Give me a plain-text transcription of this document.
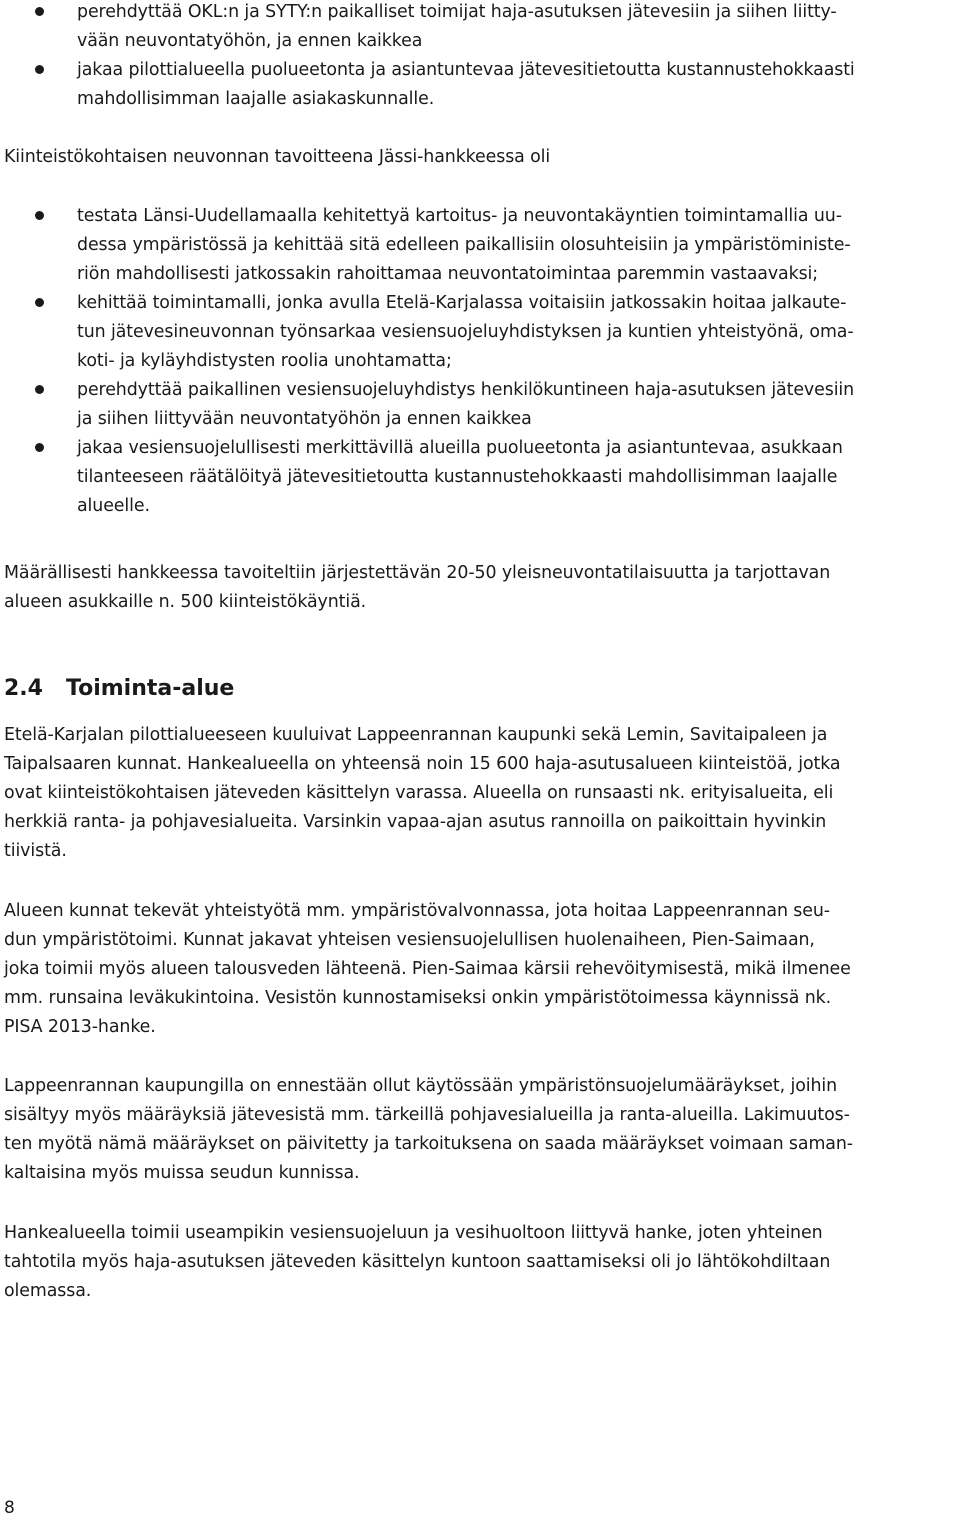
perehdyttää OKL:n ja SYTY:n paikalliset toimijat haja-asutuksen jätevesiin ja siihen liitty-
vään neuvontatyöhön, ja ennen kaikkea
jakaa pilottialueella puolueetonta ja asiantuntevaa jätevesitietoutta kustannustehokkaasti
mahdollisimman laajalle asiakaskunnalle.

Kiinteistökohtaisen neuvonnan tavoitteena Jässi-hankkeessa oli

testata Länsi-Uudellamaalla kehitettyä kartoitus- ja neuvontakäyntien toimintamallia uu-
dessa ympäristössä ja kehittää sitä edelleen paikallisiin olosuhteisiin ja ympäristöministe-
riön mahdollisesti jatkossakin rahoittamaa neuvontatoimintaa paremmin vastaavaksi;
kehittää toimintamalli, jonka avulla Etelä-Karjalassa voitaisiin jatkossakin hoitaa jalkaute-
tun jätevesineuvonnan työnsarkaa vesiensuojeluyhdistyksen ja kuntien yhteistyönä, oma-
koti- ja kyläyhdistysten roolia unohtamatta;
perehdyttää paikallinen vesiensuojeluyhdistys henkilökuntineen haja-asutuksen jätevesiin
ja siihen liittyvään neuvontatyöhön ja ennen kaikkea
jakaa vesiensuojelullisesti merkittävillä alueilla puolueetonta ja asiantuntevaa, asukkaan
tilanteeseen räätälöityä jätevesitietoutta kustannustehokkaasti mahdollisimman laajalle
alueelle.

Määrällisesti hankkeessa tavoiteltiin järjestettävän 20-50 yleisneuvontatilaisuutta ja tarjottavan
alueen asukkaille n. 500 kiinteistökäyntiä.

2.4 Toiminta-alue

Etelä-Karjalan pilottialueeseen kuuluivat Lappeenrannan kaupunki sekä Lemin, Savitaipaleen ja
Taipalsaaren kunnat. Hankealueella on yhteensä noin 15 600 haja-asutusalueen kiinteistöä, jotka
ovat kiinteistökohtaisen jäteveden käsittelyn varassa. Alueella on runsaasti nk. erityisalueita, eli
herkkiä ranta- ja pohjavesialueita. Varsinkin vapaa-ajan asutus rannoilla on paikoittain hyvinkin
tiivistä.

Alueen kunnat tekevät yhteistyötä mm. ympäristövalvonnassa, jota hoitaa Lappeenrannan seu-
dun ympäristötoimi. Kunnat jakavat yhteisen vesiensuojelullisen huolenaiheen, Pien-Saimaan,
joka toimii myös alueen talousveden lähteenä. Pien-Saimaa kärsii rehevöitymisestä, mikä ilmenee
mm. runsaina leväkukintoina. Vesistön kunnostamiseksi onkin ympäristötoimessa käynnissä nk.
PISA 2013-hanke.

Lappeenrannan kaupungilla on ennestään ollut käytössään ympäristönsuojelumääräykset, joihin
sisältyy myös määräyksiä jätevesistä mm. tärkeillä pohjavesialueilla ja ranta-alueilla. Lakimuutos-
ten myötä nämä määräykset on päivitetty ja tarkoituksena on saada määräykset voimaan saman-
kaltaisina myös muissa seudun kunnissa.

Hankealueella toimii useampikin vesiensuojeluun ja vesihuoltoon liittyvä hanke, joten yhteinen
tahtotila myös haja-asutuksen jäteveden käsittelyn kuntoon saattamiseksi oli jo lähtökohdiltaan
olemassa.

8
